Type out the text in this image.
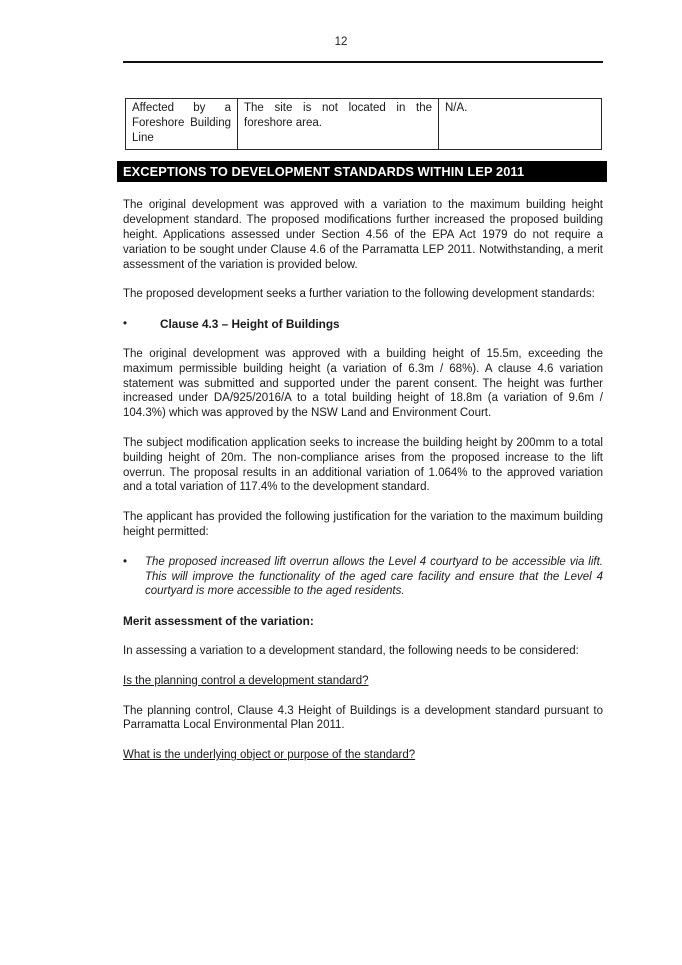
12
Affected by a Foreshore Building Line	The site is not located in the foreshore area.	N/A.
EXCEPTIONS TO DEVELOPMENT STANDARDS WITHIN LEP 2011

The original development was approved with a variation to the maximum building height development standard. The proposed modifications further increased the proposed building height. Applications assessed under Section 4.56 of the EPA Act 1979 do not require a variation to be sought under Clause 4.6 of the Parramatta LEP 2011. Notwithstanding, a merit assessment of the variation is provided below.

The proposed development seeks a further variation to the following development standards:

•	Clause 4.3 – Height of Buildings

The original development was approved with a building height of 15.5m, exceeding the maximum permissible building height (a variation of 6.3m / 68%). A clause 4.6 variation statement was submitted and supported under the parent consent. The height was further increased under DA/925/2016/A to a total building height of 18.8m (a variation of 9.6m / 104.3%) which was approved by the NSW Land and Environment Court.

The subject modification application seeks to increase the building height by 200mm to a total building height of 20m. The non-compliance arises from the proposed increase to the lift overrun. The proposal results in an additional variation of 1.064% to the approved variation and a total variation of 117.4% to the development standard.

The applicant has provided the following justification for the variation to the maximum building height permitted:

•	The proposed increased lift overrun allows the Level 4 courtyard to be accessible via lift. This will improve the functionality of the aged care facility and ensure that the Level 4 courtyard is more accessible to the aged residents.
Merit assessment of the variation:

In assessing a variation to a development standard, the following needs to be considered:

Is the planning control a development standard?

The planning control, Clause 4.3 Height of Buildings is a development standard pursuant to Parramatta Local Environmental Plan 2011.

What is the underlying object or purpose of the standard?
